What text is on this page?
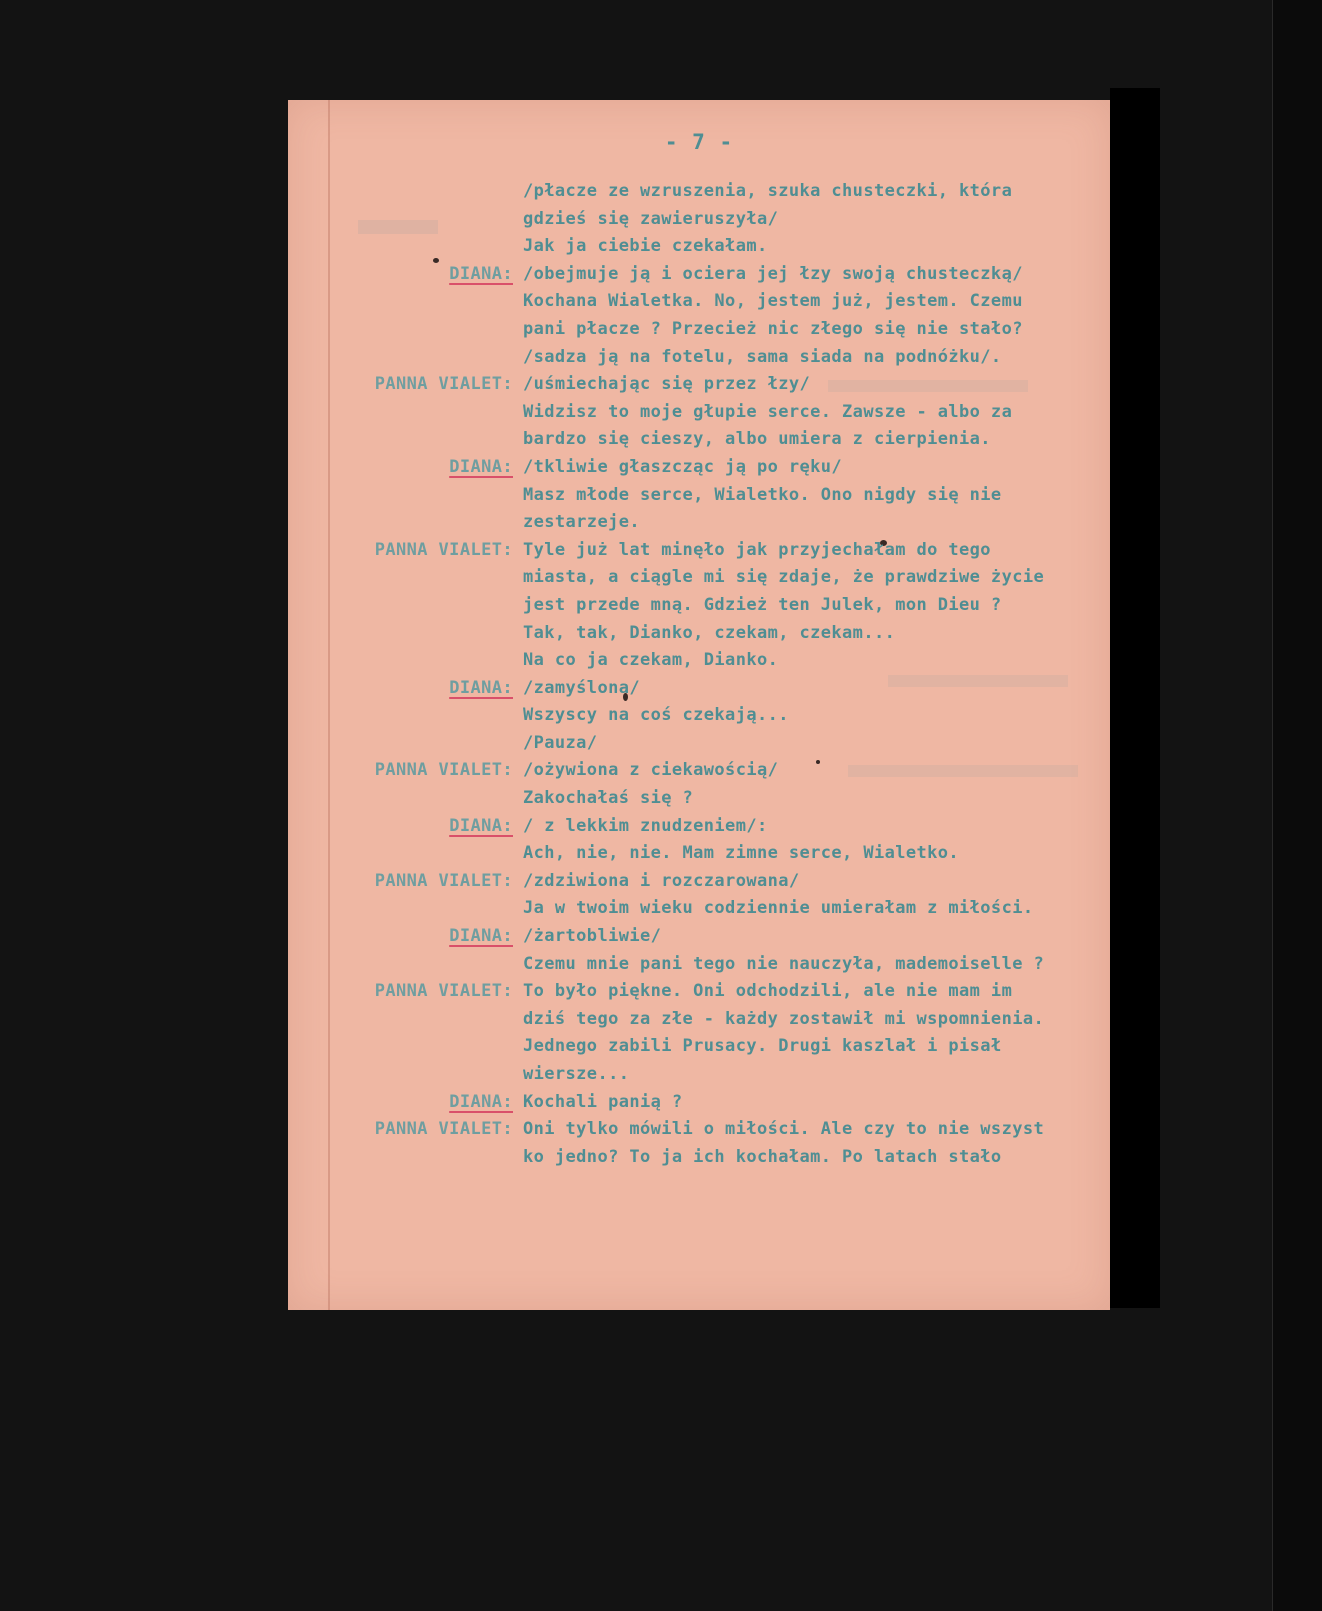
- 7 -
/płacze ze wzruszenia, szuka chusteczki, która
gdzieś się zawieruszyła/
Jak ja ciebie czekałam.
DIANA: /obejmuje ją i ociera jej łzy swoją chusteczką/
Kochana Wialetka. No, jestem już, jestem. Czemu
pani płacze ? Przecież nic złego się nie stało?
/sadza ją na fotelu, sama siada na podnóżku/.
PANNA VIALET: /uśmiechając się przez łzy/
Widzisz to moje głupie serce. Zawsze - albo za
bardzo się cieszy, albo umiera z cierpienia.
DIANA: /tkliwie głaszcząc ją po ręku/
Masz młode serce, Wialetko. Ono nigdy się nie
zestarzeje.
PANNA VIALET: Tyle już lat minęło jak przyjechałam do tego
miasta, a ciągle mi się zdaje, że prawdziwe życie
jest przede mną. Gdzież ten Julek, mon Dieu ?
Tak, tak, Dianko, czekam, czekam...
Na co ja czekam, Dianko.
DIANA: /zamyślona/
Wszyscy na coś czekają...
/Pauza/
PANNA VIALET: /ożywiona z ciekawością/
Zakochałaś się ?
DIANA: / z lekkim znudzeniem/:
Ach, nie, nie. Mam zimne serce, Wialetko.
PANNA VIALET: /zdziwiona i rozczarowana/
Ja w twoim wieku codziennie umierałam z miłości.
DIANA: /żartobliwie/
Czemu mnie pani tego nie nauczyła, mademoiselle ?
PANNA VIALET: To było piękne. Oni odchodzili, ale nie mam im
dziś tego za złe - każdy zostawił mi wspomnienia.
Jednego zabili Prusacy. Drugi kaszlał i pisał
wiersze...
DIANA: Kochali panią ?
PANNA VIALET: Oni tylko mówili o miłości. Ale czy to nie wszyst
ko jedno? To ja ich kochałam. Po latach stało
